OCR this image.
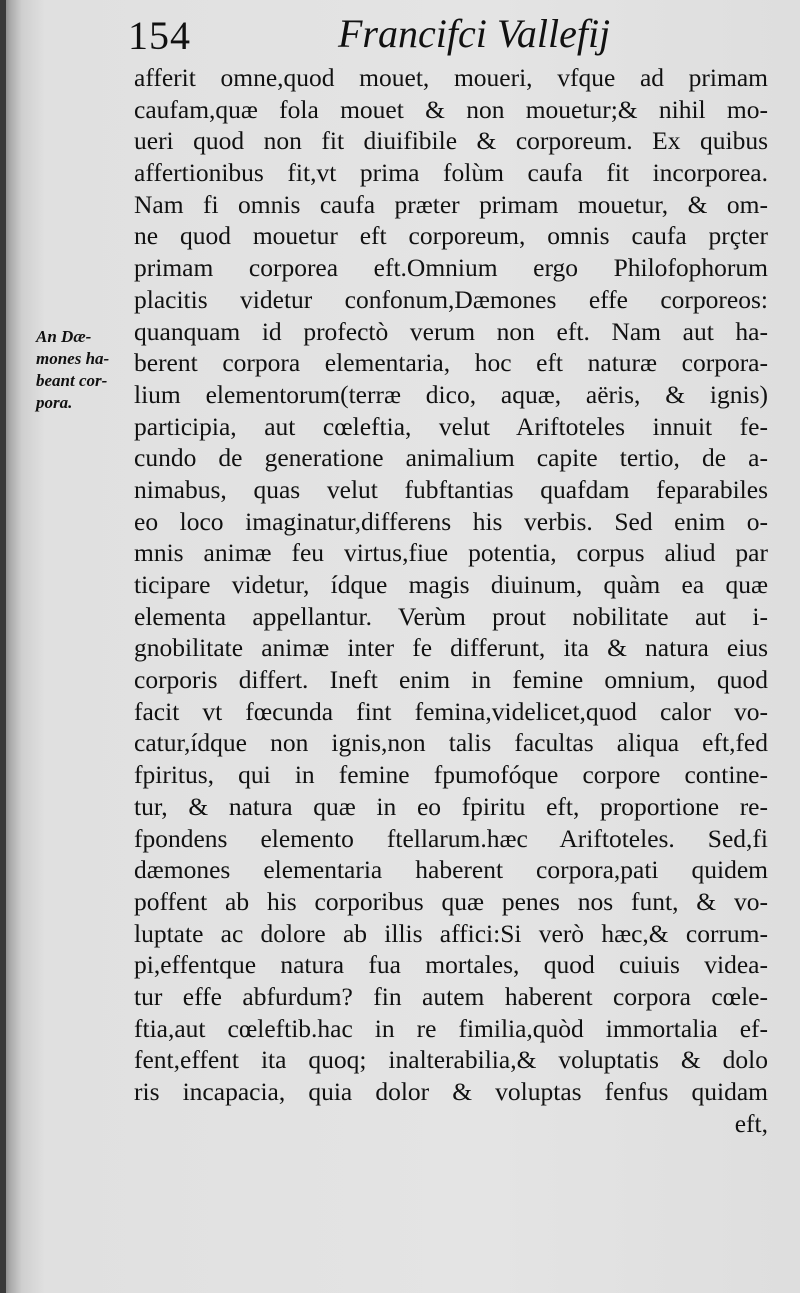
154	Francifci Vallefij
An Dæ-
mones ha-
beant cor-
pora.
afferit omne,quod mouet, moueri, vfque ad primam
caufam,quæ fola mouet & non mouetur;& nihil mo-
ueri quod non fit diuifibile & corporeum. Ex quibus
affertionibus fit,vt prima folùm caufa fit incorporea.
Nam fi omnis caufa præter primam mouetur, & om-
ne quod mouetur eft corporeum, omnis caufa prçter
primam corporea eft.Omnium ergo Philofophorum
placitis videtur confonum,Dæmones effe corporeos:
quanquam id profectò verum non eft. Nam aut ha-
berent corpora elementaria, hoc eft naturæ corpora-
lium elementorum(terræ dico, aquæ, aëris, & ignis)
participia, aut cœleftia, velut Ariftoteles innuit fe-
cundo de generatione animalium capite tertio, de a-
nimabus, quas velut fubftantias quafdam feparabiles
eo loco imaginatur,differens his verbis. Sed enim o-
mnis animæ feu virtus,fiue potentia, corpus aliud par
ticipare videtur, ídque magis diuinum, quàm ea quæ
elementa appellantur. Verùm prout nobilitate aut i-
gnobilitate animæ inter fe differunt, ita & natura eius
corporis differt. Ineft enim in femine omnium, quod
facit vt fœcunda fint femina,videlicet,quod calor vo-
catur,ídque non ignis,non talis facultas aliqua eft,fed
fpiritus, qui in femine fpumofóque corpore contine-
tur, & natura quæ in eo fpiritu eft, proportione re-
fpondens elemento ftellarum.hæc Ariftoteles. Sed,fi
dæmones elementaria haberent corpora,pati quidem
poffent ab his corporibus quæ penes nos funt, & vo-
luptate ac dolore ab illis affici:Si verò hæc,& corrum-
pi,effentque natura fua mortales, quod cuiuis videa-
tur effe abfurdum? fin autem haberent corpora cœle-
ftia,aut cœleftib.hac in re fimilia,quòd immortalia ef-
fent,effent ita quoq; inalterabilia,& voluptatis & dolo
ris incapacia, quia dolor & voluptas fenfus quidam
eft,
